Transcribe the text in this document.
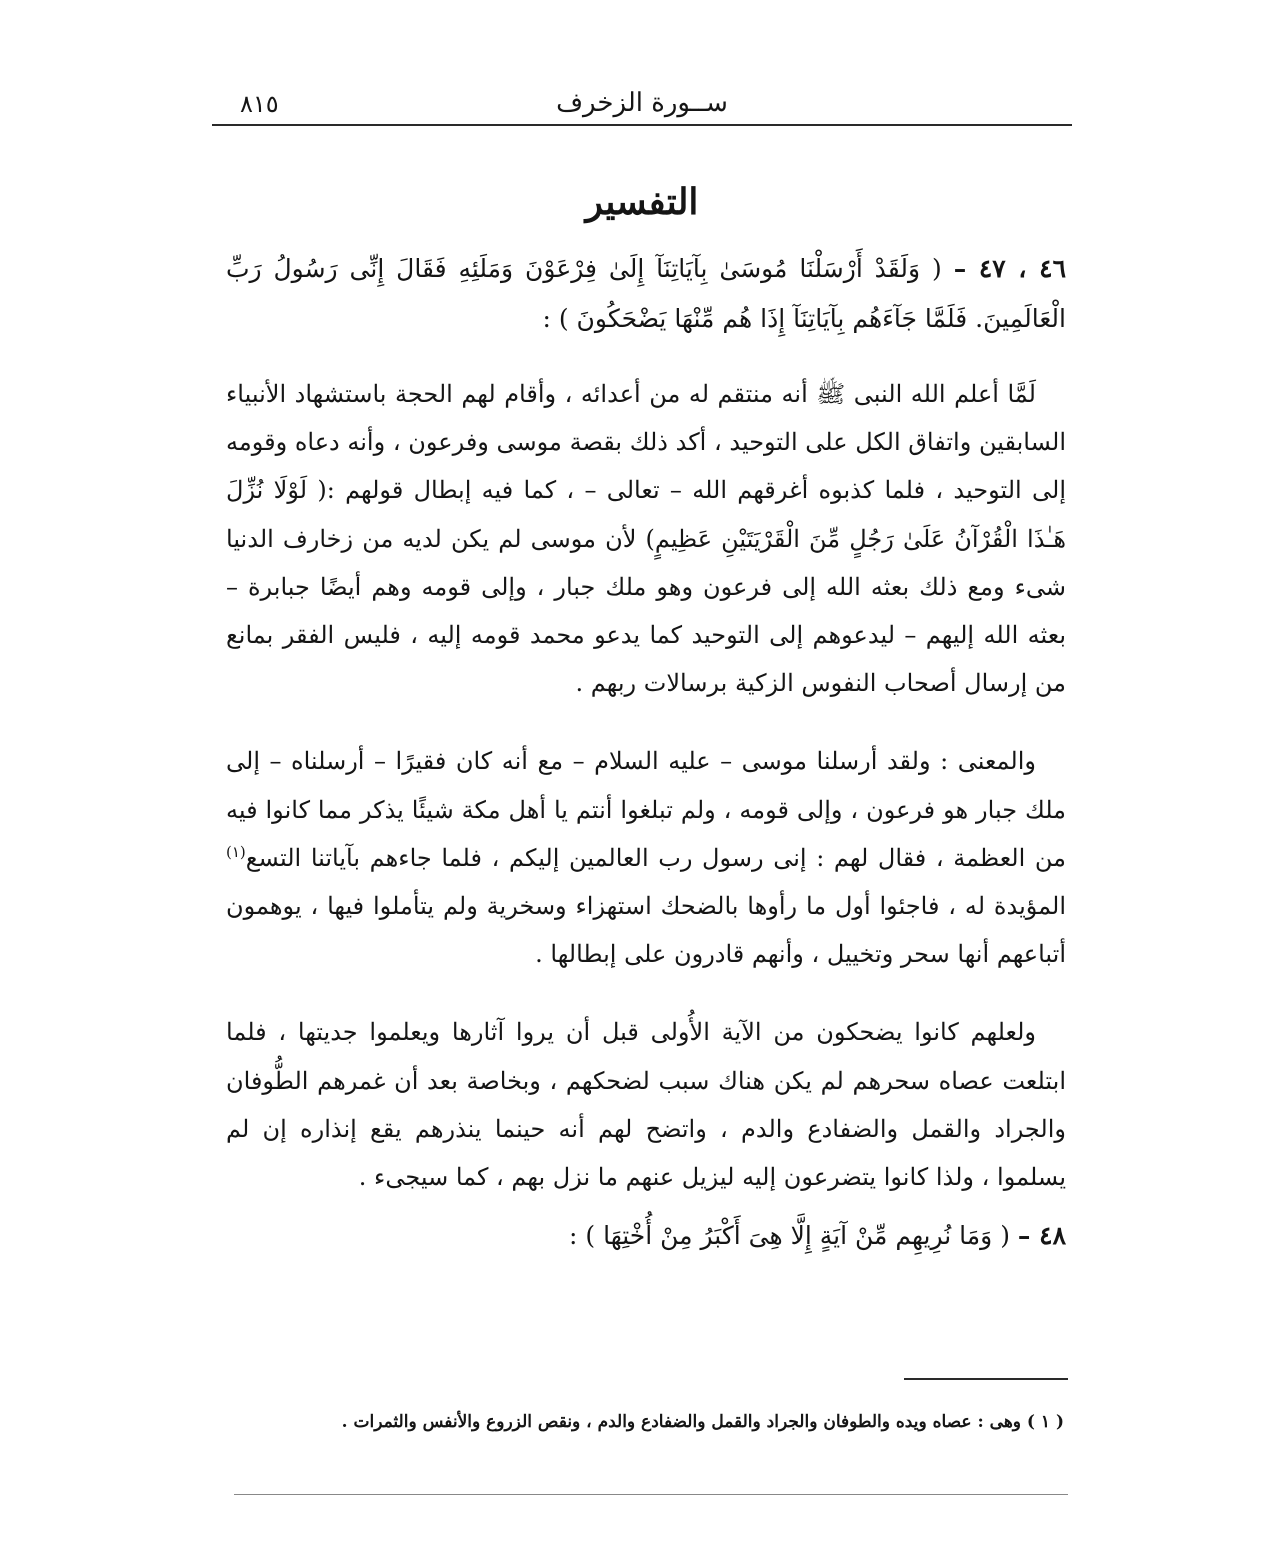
ســورة الزخرف
٨١٥
التفسير

٤٦ ، ٤٧ – ( وَلَقَدْ أَرْسَلْنَا مُوسَىٰ بِآيَاتِنَآ إِلَىٰ فِرْعَوْنَ وَمَلَئِهِ فَقَالَ إِنِّى رَسُولُ رَبِّ الْعَالَمِينَ. فَلَمَّا جَآءَهُم بِآيَاتِنَآ إِذَا هُم مِّنْهَا يَضْحَكُونَ ) :

لَمَّا أعلم الله النبى ﷺ أنه منتقم له من أعدائه ، وأقام لهم الحجة باستشهاد الأنبياء السابقين واتفاق الكل على التوحيد ، أكد ذلك بقصة موسى وفرعون ، وأنه دعاه وقومه إلى التوحيد ، فلما كذبوه أغرقهم الله – تعالى – ، كما فيه إبطال قولهم :( لَوْلَا نُزِّلَ هَـٰذَا الْقُرْآنُ عَلَىٰ رَجُلٍ مِّنَ الْقَرْيَتَيْنِ عَظِيمٍ) لأن موسى لم يكن لديه من زخارف الدنيا شىء ومع ذلك بعثه الله إلى فرعون وهو ملك جبار ، وإلى قومه وهم أيضًا جبابرة – بعثه الله إليهم – ليدعوهم إلى التوحيد كما يدعو محمد قومه إليه ، فليس الفقر بمانع من إرسال أصحاب النفوس الزكية برسالات ربهم .

والمعنى : ولقد أرسلنا موسى – عليه السلام – مع أنه كان فقيرًا – أرسلناه – إلى ملك جبار هو فرعون ، وإلى قومه ، ولم تبلغوا أنتم يا أهل مكة شيئًا يذكر مما كانوا فيه من العظمة ، فقال لهم : إنى رسول رب العالمين إليكم ، فلما جاءهم بآياتنا التسع$^{(١)}$ المؤيدة له ، فاجئوا أول ما رأوها بالضحك استهزاء وسخرية ولم يتأملوا فيها ، يوهمون أتباعهم أنها سحر وتخييل ، وأنهم قادرون على إبطالها .

ولعلهم كانوا يضحكون من الآية الأُولى قبل أن يروا آثارها ويعلموا جديتها ، فلما ابتلعت عصاه سحرهم لم يكن هناك سبب لضحكهم ، وبخاصة بعد أن غمرهم الطُّوفان والجراد والقمل والضفادع والدم ، واتضح لهم أنه حينما ينذرهم يقع إنذاره إن لم يسلموا ، ولذا كانوا يتضرعون إليه ليزيل عنهم ما نزل بهم ، كما سيجىء .

٤٨ – ( وَمَا نُرِيهِم مِّنْ آيَةٍ إِلَّا هِىَ أَكْبَرُ مِنْ أُخْتِهَا ) :

( ١ ) وهى : عصاه ويده والطوفان والجراد والقمل والضفادع والدم ، ونقص الزروع والأنفس والثمرات .
